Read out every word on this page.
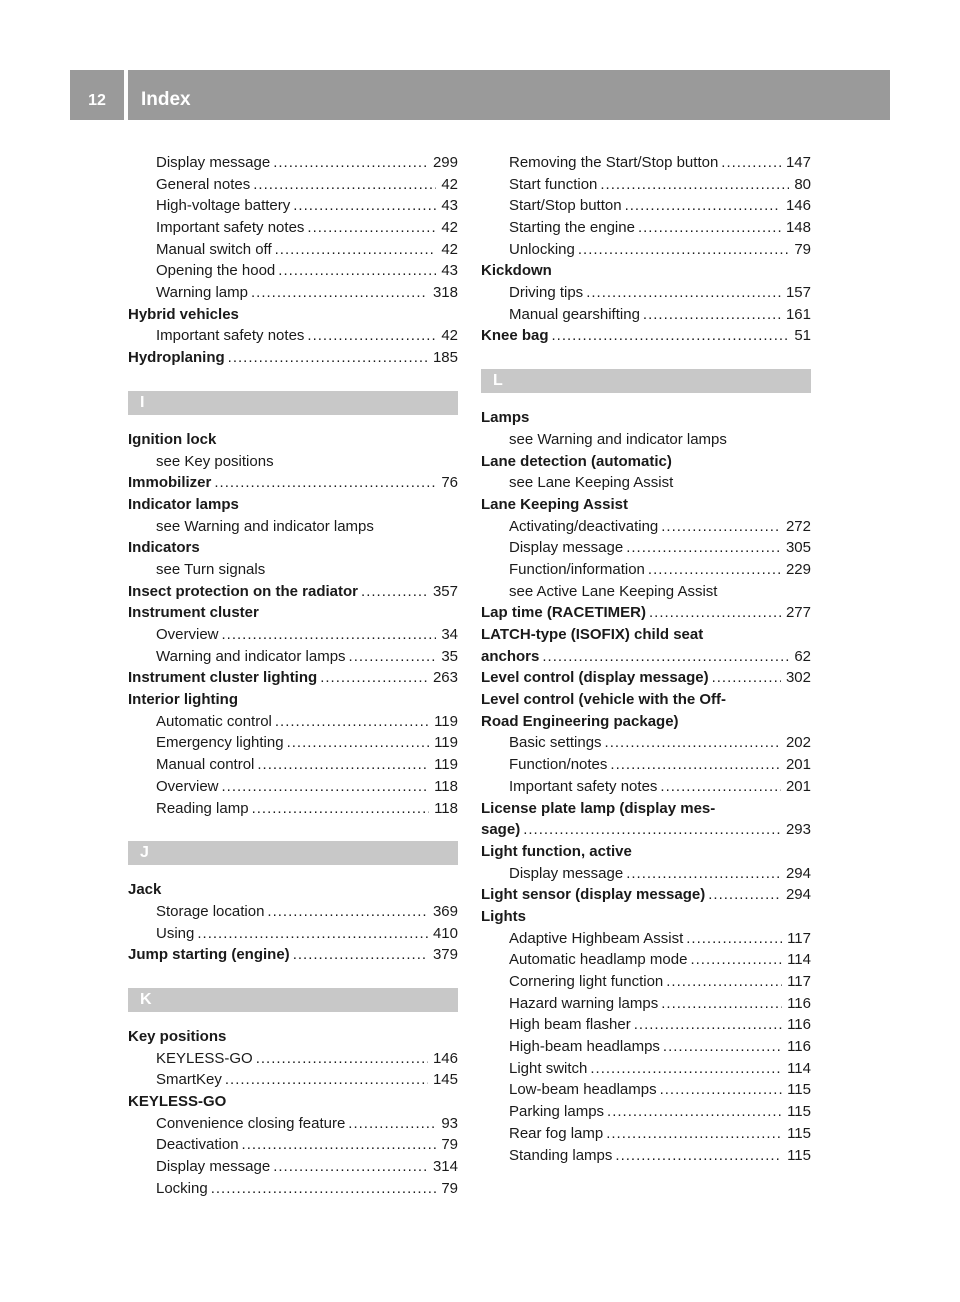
12	Index
Display message .....	299
General notes .....	42
High-voltage battery .....	43
Important safety notes .....	42
Manual switch off .....	42
Opening the hood .....	43
Warning lamp .....	318
Hybrid vehicles
Important safety notes .....	42
Hydroplaning .....	185
I
Ignition lock
see Key positions
Immobilizer .....	76
Indicator lamps
see Warning and indicator lamps
Indicators
see Turn signals
Insect protection on the radiator .....	357
Instrument cluster
Overview .....	34
Warning and indicator lamps .....	35
Instrument cluster lighting .....	263
Interior lighting
Automatic control .....	119
Emergency lighting .....	119
Manual control .....	119
Overview .....	118
Reading lamp .....	118
J
Jack
Storage location .....	369
Using .....	410
Jump starting (engine) .....	379
K
Key positions
KEYLESS-GO .....	146
SmartKey .....	145
KEYLESS-GO
Convenience closing feature .....	93
Deactivation .....	79
Display message .....	314
Locking .....	79
Removing the Start/Stop button .....	147
Start function .....	80
Start/Stop button .....	146
Starting the engine .....	148
Unlocking .....	79
Kickdown
Driving tips .....	157
Manual gearshifting .....	161
Knee bag .....	51
L
Lamps
see Warning and indicator lamps
Lane detection (automatic)
see Lane Keeping Assist
Lane Keeping Assist
Activating/deactivating .....	272
Display message .....	305
Function/information .....	229
see Active Lane Keeping Assist
Lap time (RACETIMER) .....	277
LATCH-type (ISOFIX) child seat
anchors .....	62
Level control (display message) .....	302
Level control (vehicle with the Off-
Road Engineering package)
Basic settings .....	202
Function/notes .....	201
Important safety notes .....	201
License plate lamp (display mes-
sage) .....	293
Light function, active
Display message .....	294
Light sensor (display message) .....	294
Lights
Adaptive Highbeam Assist .....	117
Automatic headlamp mode .....	114
Cornering light function .....	117
Hazard warning lamps .....	116
High beam flasher .....	116
High-beam headlamps .....	116
Light switch .....	114
Low-beam headlamps .....	115
Parking lamps .....	115
Rear fog lamp .....	115
Standing lamps .....	115
